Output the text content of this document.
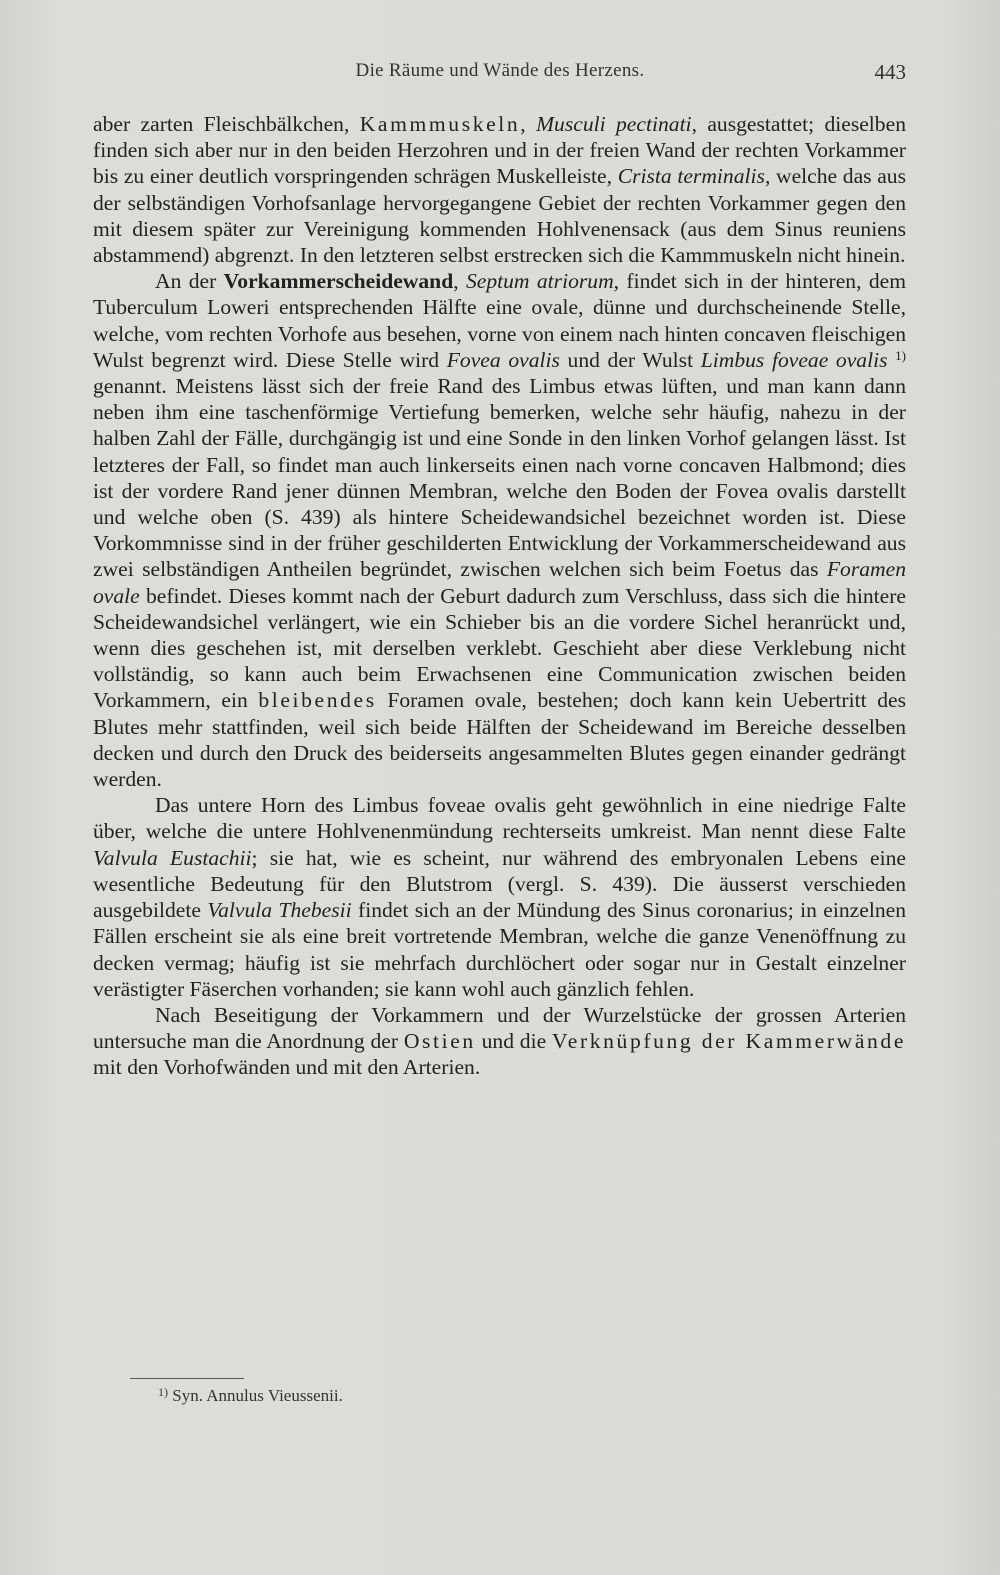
Die Räume und Wände des Herzens.	443

aber zarten Fleischbälkchen, Kammmuskeln, Musculi pectinati, ausgestattet; dieselben finden sich aber nur in den beiden Herzohren und in der freien Wand der rechten Vorkammer bis zu einer deutlich vorspringenden schrägen Muskelleiste, Crista terminalis, welche das aus der selbständigen Vorhofsanlage hervorgegangene Gebiet der rechten Vorkammer gegen den mit diesem später zur Vereinigung kommenden Hohlvenensack (aus dem Sinus reuniens abstammend) abgrenzt. In den letzteren selbst erstrecken sich die Kammmuskeln nicht hinein.

An der Vorkammerscheidewand, Septum atriorum, findet sich in der hinteren, dem Tuberculum Loweri entsprechenden Hälfte eine ovale, dünne und durchscheinende Stelle, welche, vom rechten Vorhofe aus besehen, vorne von einem nach hinten concaven fleischigen Wulst begrenzt wird. Diese Stelle wird Fovea ovalis und der Wulst Limbus foveae ovalis $^{1)}$ genannt. Meistens lässt sich der freie Rand des Limbus etwas lüften, und man kann dann neben ihm eine taschenförmige Vertiefung bemerken, welche sehr häufig, nahezu in der halben Zahl der Fälle, durchgängig ist und eine Sonde in den linken Vorhof gelangen lässt. Ist letzteres der Fall, so findet man auch linkerseits einen nach vorne concaven Halbmond; dies ist der vordere Rand jener dünnen Membran, welche den Boden der Fovea ovalis darstellt und welche oben (S. 439) als hintere Scheidewandsichel bezeichnet worden ist. Diese Vorkommnisse sind in der früher geschilderten Entwicklung der Vorkammerscheidewand aus zwei selbständigen Antheilen begründet, zwischen welchen sich beim Foetus das Foramen ovale befindet. Dieses kommt nach der Geburt dadurch zum Verschluss, dass sich die hintere Scheidewandsichel verlängert, wie ein Schieber bis an die vordere Sichel heranrückt und, wenn dies geschehen ist, mit derselben verklebt. Geschieht aber diese Verklebung nicht vollständig, so kann auch beim Erwachsenen eine Communication zwischen beiden Vorkammern, ein bleibendes Foramen ovale, bestehen; doch kann kein Uebertritt des Blutes mehr stattfinden, weil sich beide Hälften der Scheidewand im Bereiche desselben decken und durch den Druck des beiderseits angesammelten Blutes gegen einander gedrängt werden.

Das untere Horn des Limbus foveae ovalis geht gewöhnlich in eine niedrige Falte über, welche die untere Hohlvenenmündung rechterseits umkreist. Man nennt diese Falte Valvula Eustachii; sie hat, wie es scheint, nur während des embryonalen Lebens eine wesentliche Bedeutung für den Blutstrom (vergl. S. 439). Die äusserst verschieden ausgebildete Valvula Thebesii findet sich an der Mündung des Sinus coronarius; in einzelnen Fällen erscheint sie als eine breit vortretende Membran, welche die ganze Venenöffnung zu decken vermag; häufig ist sie mehrfach durchlöchert oder sogar nur in Gestalt einzelner verästigter Fäserchen vorhanden; sie kann wohl auch gänzlich fehlen.

Nach Beseitigung der Vorkammern und der Wurzelstücke der grossen Arterien untersuche man die Anordnung der Ostien und die Verknüpfung der Kammerwände mit den Vorhofwänden und mit den Arterien.

$^{1)}$ Syn. Annulus Vieussenii.
